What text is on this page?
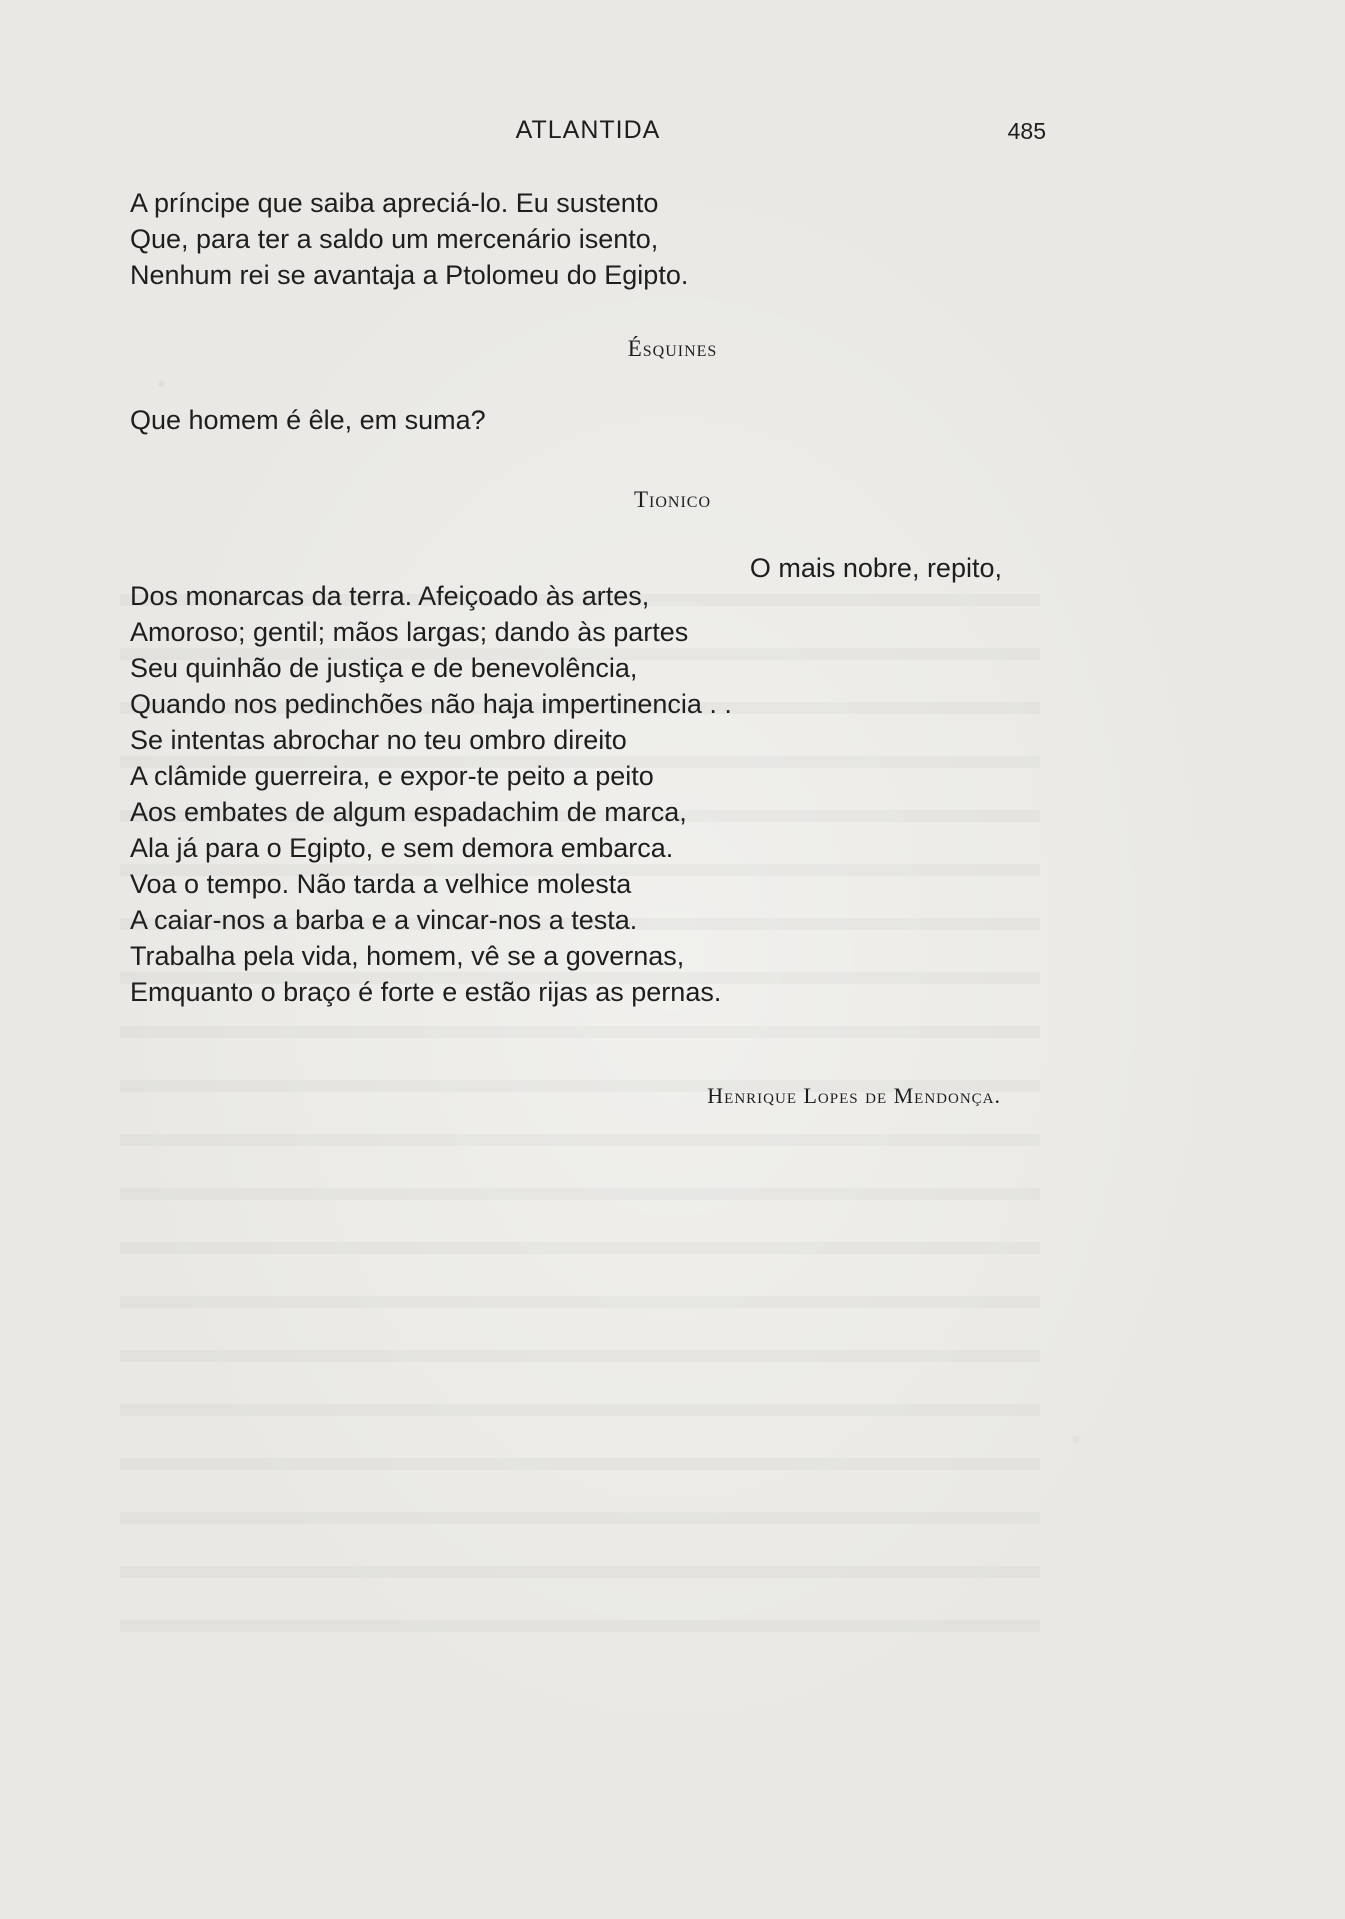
ATLANTIDA	485
A príncipe que saiba apreciá-lo. Eu sustento
Que, para ter a saldo um mercenário isento,
Nenhum rei se avantaja a Ptolomeu do Egipto.
Ésquines
Que homem é êle, em suma?
Tionico
O mais nobre, repito,
Dos monarcas da terra. Afeiçoado às artes,
Amoroso; gentil; mãos largas; dando às partes
Seu quinhão de justiça e de benevolência,
Quando nos pedinchões não haja impertinencia . .
Se intentas abrochar no teu ombro direito
A clâmide guerreira, e expor-te peito a peito
Aos embates de algum espadachim de marca,
Ala já para o Egipto, e sem demora embarca.
Voa o tempo. Não tarda a velhice molesta
A caiar-nos a barba e a vincar-nos a testa.
Trabalha pela vida, homem, vê se a governas,
Emquanto o braço é forte e estão rijas as pernas.
Henrique Lopes de Mendonça.
